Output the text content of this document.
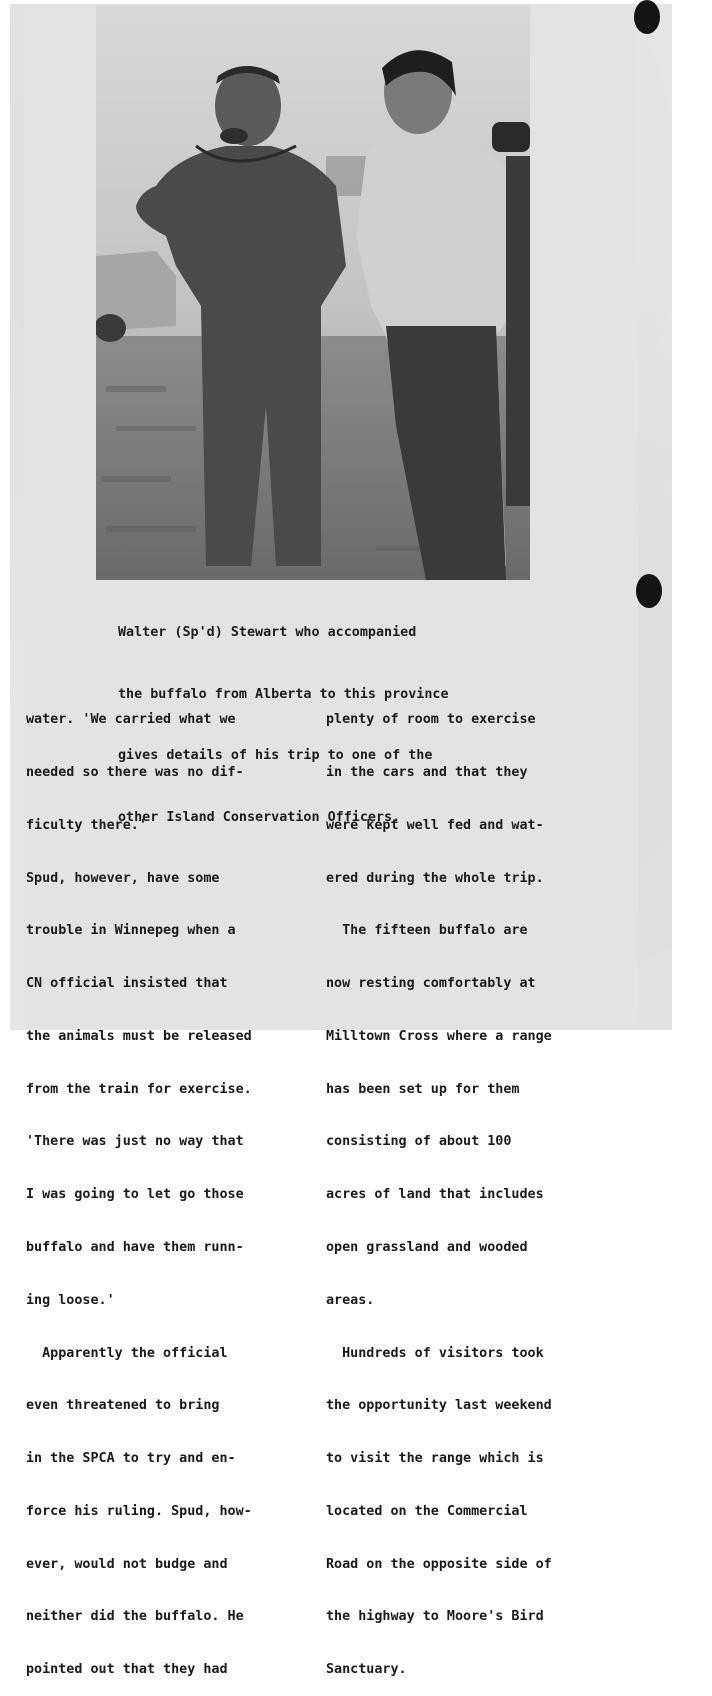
Walter (Sp'd) Stewart who accompanied

the buffalo from Alberta to this province

gives details of his trip to one of the

other Island Conservation Officers.

water. 'We carried what we

needed so there was no dif-

ficulty there.'

Spud, however, have some

trouble in Winnepeg when a

CN official insisted that

the animals must be released

from the train for exercise.

'There was just no way that

I was going to let go those

buffalo and have them runn-

ing loose.'

Apparently the official

even threatened to bring

in the SPCA to try and en-

force his ruling. Spud, how-

ever, would not budge and

neither did the buffalo. He

pointed out that they had

plenty of room to exercise

in the cars and that they

were kept well fed and wat-

ered during the whole trip.

The fifteen buffalo are

now resting comfortably at

Milltown Cross where a range

has been set up for them

consisting of about 100

acres of land that includes

open grassland and wooded

areas.

Hundreds of visitors took

the opportunity last weekend

to visit the range which is

located on the Commercial

Road on the opposite side of

the highway to Moore's Bird

Sanctuary.
